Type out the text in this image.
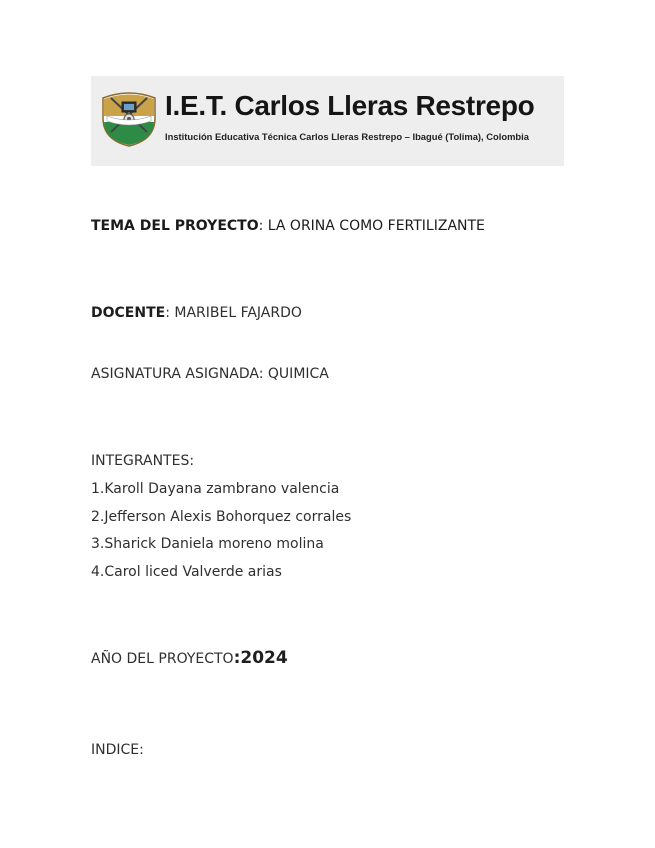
I.E.T. Carlos Lleras Restrepo
Institución Educativa Técnica Carlos Lleras Restrepo – Ibagué (Tolima), Colombia
TEMA DEL PROYECTO: LA ORINA COMO FERTILIZANTE
DOCENTE: MARIBEL FAJARDO
ASIGNATURA ASIGNADA: QUIMICA
INTEGRANTES:
1.Karoll Dayana zambrano valencia
2.Jefferson Alexis Bohorquez corrales
3.Sharick Daniela moreno molina
4.Carol liced Valverde arias
AÑO DEL PROYECTO:2024
INDICE:
